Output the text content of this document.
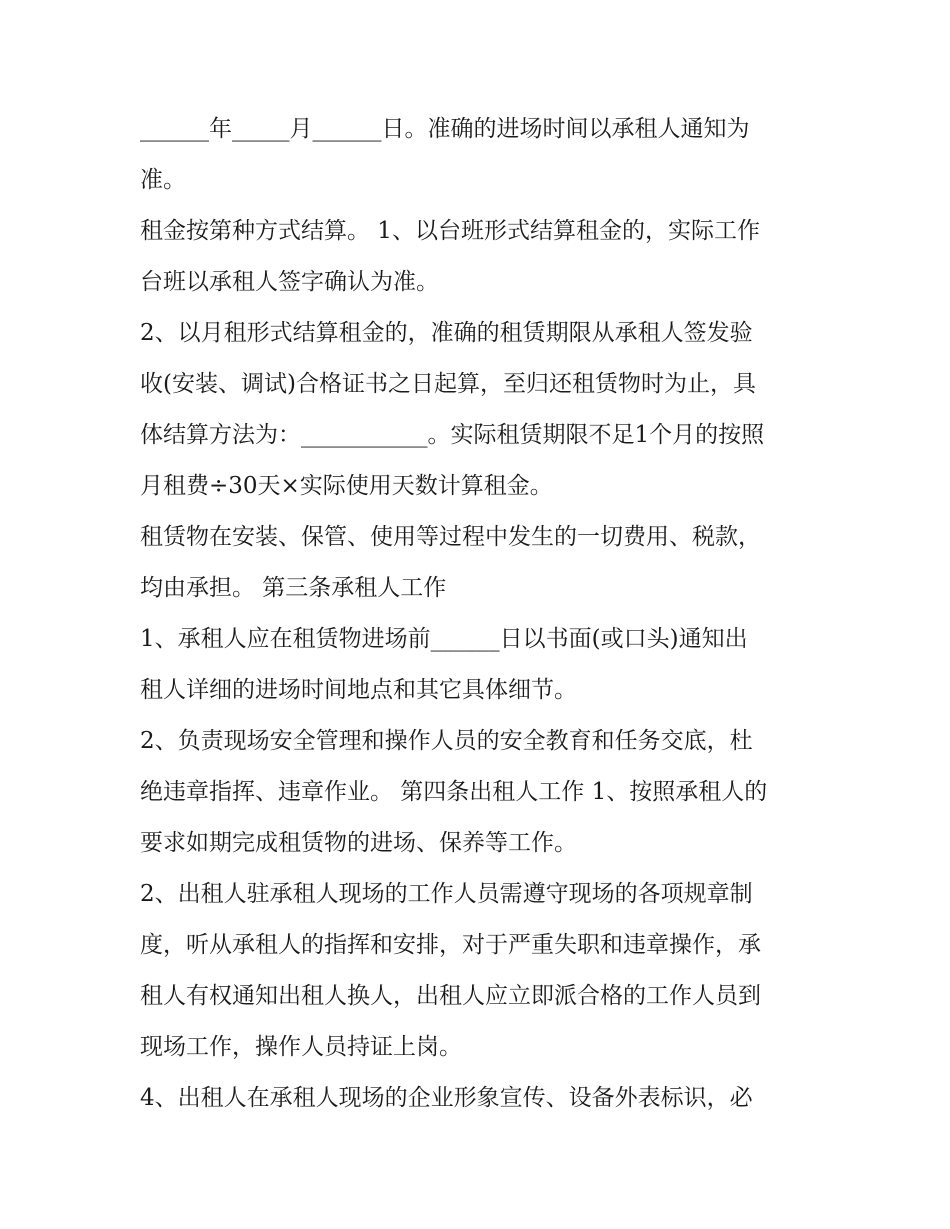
______年_____月______日。准确的进场时间以承租人通知为

准。

租金按第种方式结算。 1、以台班形式结算租金的，实际工作

台班以承租人签字确认为准。

2、以月租形式结算租金的，准确的租赁期限从承租人签发验

收(安装、调试)合格证书之日起算，至归还租赁物时为止，具

体结算方法为：___________。实际租赁期限不足1个月的按照

月租费÷30天×实际使用天数计算租金。

租赁物在安装、保管、使用等过程中发生的一切费用、税款，

均由承担。 第三条承租人工作

1、承租人应在租赁物进场前______日以书面(或口头)通知出

租人详细的进场时间地点和其它具体细节。

2、负责现场安全管理和操作人员的安全教育和任务交底，杜

绝违章指挥、违章作业。 第四条出租人工作 1、按照承租人的

要求如期完成租赁物的进场、保养等工作。

2、出租人驻承租人现场的工作人员需遵守现场的各项规章制

度，听从承租人的指挥和安排，对于严重失职和违章操作，承

租人有权通知出租人换人，出租人应立即派合格的工作人员到

现场工作，操作人员持证上岗。

4、出租人在承租人现场的企业形象宣传、设备外表标识，必
